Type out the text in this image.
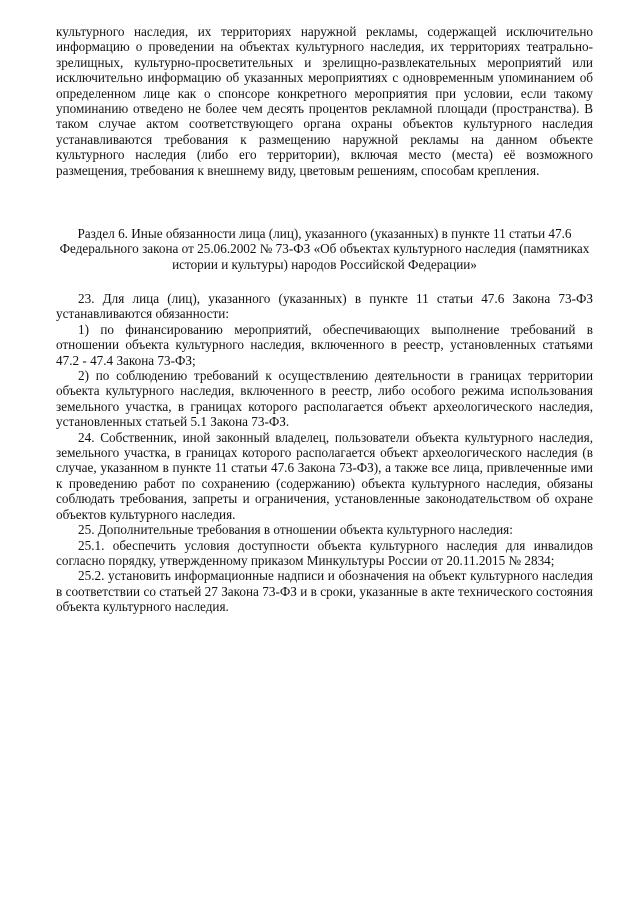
культурного наследия, их территориях наружной рекламы, содержащей исключительно информацию о проведении на объектах культурного наследия, их территориях театрально-зрелищных, культурно-просветительных и зрелищно-развлекательных мероприятий или исключительно информацию об указанных мероприятиях с одновременным упоминанием об определенном лице как о спонсоре конкретного мероприятия при условии, если такому упоминанию отведено не более чем десять процентов рекламной площади (пространства). В таком случае актом соответствующего органа охраны объектов культурного наследия устанавливаются требования к размещению наружной рекламы на данном объекте культурного наследия (либо его территории), включая место (места) её возможного размещения, требования к внешнему виду, цветовым решениям, способам крепления.

Раздел 6. Иные обязанности лица (лиц), указанного (указанных) в пункте 11 статьи 47.6 Федерального закона от 25.06.2002 № 73-ФЗ «Об объектах культурного наследия (памятниках истории и культуры) народов Российской Федерации»

23. Для лица (лиц), указанного (указанных) в пункте 11 статьи 47.6 Закона 73-ФЗ устанавливаются обязанности:

1) по финансированию мероприятий, обеспечивающих выполнение требований в отношении объекта культурного наследия, включенного в реестр, установленных статьями 47.2 - 47.4 Закона 73-ФЗ;

2) по соблюдению требований к осуществлению деятельности в границах территории объекта культурного наследия, включенного в реестр, либо особого режима использования земельного участка, в границах которого располагается объект археологического наследия, установленных статьей 5.1 Закона 73-ФЗ.

24. Собственник, иной законный владелец, пользователи объекта культурного наследия, земельного участка, в границах которого располагается объект археологического наследия (в случае, указанном в пункте 11 статьи 47.6 Закона 73-ФЗ), а также все лица, привлеченные ими к проведению работ по сохранению (содержанию) объекта культурного наследия, обязаны соблюдать требования, запреты и ограничения, установленные законодательством об охране объектов культурного наследия.

25. Дополнительные требования в отношении объекта культурного наследия:

25.1. обеспечить условия доступности объекта культурного наследия для инвалидов согласно порядку, утвержденному приказом Минкультуры России от 20.11.2015 № 2834;

25.2. установить информационные надписи и обозначения на объект культурного наследия в соответствии со статьей 27 Закона 73-ФЗ и в сроки, указанные в акте технического состояния объекта культурного наследия.
